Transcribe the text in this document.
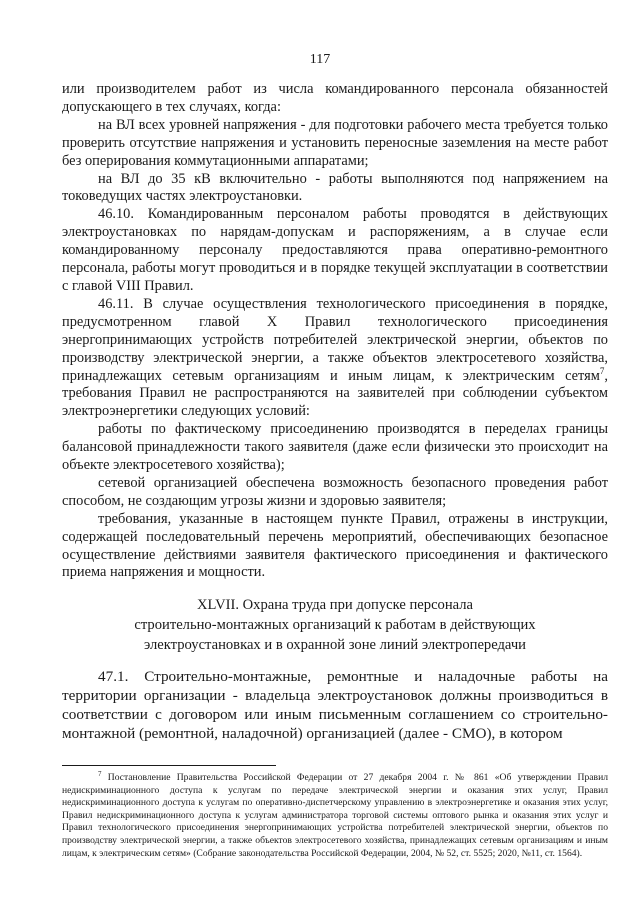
117

или производителем работ из числа командированного персонала обязанностей допускающего в тех случаях, когда:

на ВЛ всех уровней напряжения - для подготовки рабочего места требуется только проверить отсутствие напряжения и установить переносные заземления на месте работ без оперирования коммутационными аппаратами;

на ВЛ до 35 кВ включительно - работы выполняются под напряжением на токоведущих частях электроустановки.

46.10. Командированным персоналом работы проводятся в действующих электроустановках по нарядам-допускам и распоряжениям, а в случае если командированному персоналу предоставляются права оперативно-ремонтного персонала, работы могут проводиться и в порядке текущей эксплуатации в соответствии с главой VIII Правил.

46.11. В случае осуществления технологического присоединения в порядке, предусмотренном главой X Правил технологического присоединения энергопринимающих устройств потребителей электрической энергии, объектов по производству электрической энергии, а также объектов электросетевого хозяйства, принадлежащих сетевым организациям и иным лицам, к электрическим сетям$^7$, требования Правил не распространяются на заявителей при соблюдении субъектом электроэнергетики следующих условий:

работы по фактическому присоединению производятся в переделах границы балансовой принадлежности такого заявителя (даже если физически это происходит на объекте электросетевого хозяйства);

сетевой организацией обеспечена возможность безопасного проведения работ способом, не создающим угрозы жизни и здоровью заявителя;

требования, указанные в настоящем пункте Правил, отражены в инструкции, содержащей последовательный перечень мероприятий, обеспечивающих безопасное осуществление действиями заявителя фактического присоединения и фактического приема напряжения и мощности.

XLVII. Охрана труда при допуске персонала
строительно-монтажных организаций к работам в действующих
электроустановках и в охранной зоне линий электропередачи

47.1. Строительно-монтажные, ремонтные и наладочные работы на территории организации - владельца электроустановок должны производиться в соответствии с договором или иным письменным соглашением со строительно-монтажной (ремонтной, наладочной) организацией (далее - СМО), в котором

$^7$ Постановление Правительства Российской Федерации от 27 декабря 2004 г. № 861 «Об утверждении Правил недискриминационного доступа к услугам по передаче электрической энергии и оказания этих услуг, Правил недискриминационного доступа к услугам по оперативно-диспетчерскому управлению в электроэнергетике и оказания этих услуг, Правил недискриминационного доступа к услугам администратора торговой системы оптового рынка и оказания этих услуг и Правил технологического присоединения энергопринимающих устройства потребителей электрической энергии, объектов по производству электрической энергии, а также объектов электросетевого хозяйства, принадлежащих сетевым организациям и иным лицам, к электрическим сетям» (Собрание законодательства Российской Федерации, 2004, № 52, ст. 5525; 2020, №11, ст. 1564).
